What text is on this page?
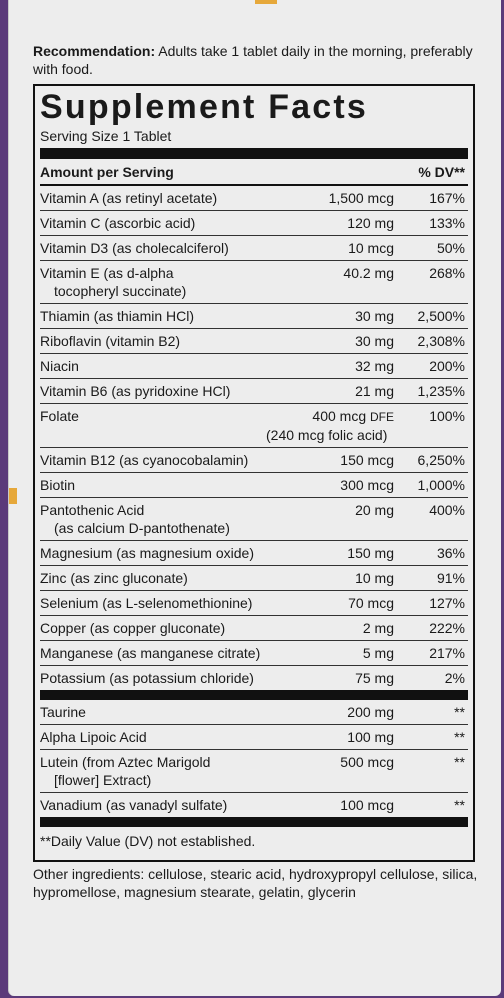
Recommendation: Adults take 1 tablet daily in the morning, preferably with food.
Supplement Facts
Serving Size 1 Tablet
Amount per Serving	% DV**
Vitamin A (as retinyl acetate)	1,500 mcg	167%
Vitamin C (ascorbic acid)	120 mg	133%
Vitamin D3 (as cholecalciferol)	10 mcg	50%
Vitamin E (as d-alpha
tocopheryl succinate)
40.2 mg	268%
Thiamin (as thiamin HCl)	30 mg	2,500%
Riboflavin (vitamin B2)	30 mg	2,308%
Niacin	32 mg	200%
Vitamin B6 (as pyridoxine HCl)	21 mg	1,235%
Folate	400 mcg DFE	100%
(240 mcg folic acid)
Vitamin B12 (as cyanocobalamin)	150 mcg	6,250%
Biotin	300 mcg	1,000%
Pantothenic Acid
(as calcium D-pantothenate)
20 mg	400%
Magnesium (as magnesium oxide)	150 mg	36%
Zinc (as zinc gluconate)	10 mg	91%
Selenium (as L-selenomethionine)	70 mcg	127%
Copper (as copper gluconate)	2 mg	222%
Manganese (as manganese citrate)	5 mg	217%
Potassium (as potassium chloride)	75 mg	2%
Taurine	200 mg	**
Alpha Lipoic Acid	100 mg	**
Lutein (from Aztec Marigold
[flower] Extract)
500 mcg	**
Vanadium (as vanadyl sulfate)	100 mcg	**
**Daily Value (DV) not established.
Other ingredients: cellulose, stearic acid, hydroxypropyl cellulose, silica, hypromellose, magnesium stearate, gelatin, glycerin
